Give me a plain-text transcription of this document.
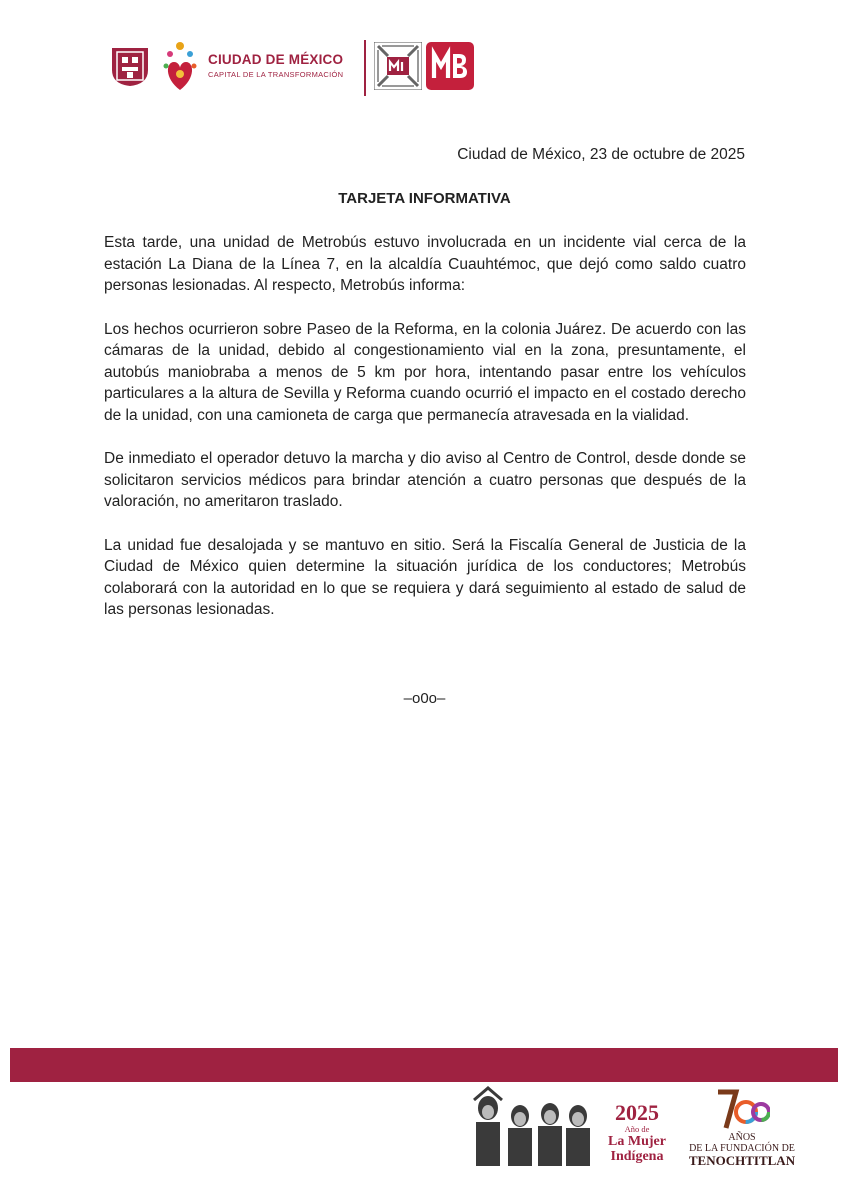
CIUDAD DE MÉXICO
CAPITAL DE LA TRANSFORMACIÓN
Ciudad de México, 23 de octubre de 2025
TARJETA INFORMATIVA

Esta tarde, una unidad de Metrobús estuvo involucrada en un incidente vial cerca de la estación La Diana de la Línea 7, en la alcaldía Cuauhtémoc, que dejó como saldo cuatro personas lesionadas. Al respecto, Metrobús informa:

Los hechos ocurrieron sobre Paseo de la Reforma, en la colonia Juárez. De acuerdo con las cámaras de la unidad, debido al congestionamiento vial en la zona, presuntamente, el autobús maniobraba a menos de 5 km por hora, intentando pasar entre los vehículos particulares a la altura de Sevilla y Reforma cuando ocurrió el impacto en el costado derecho de la unidad, con una camioneta de carga que permanecía atravesada en la vialidad.

De inmediato el operador detuvo la marcha y dio aviso al Centro de Control, desde donde se solicitaron servicios médicos para brindar atención a cuatro personas que después de la valoración, no ameritaron traslado.

La unidad fue desalojada y se mantuvo en sitio. Será la Fiscalía General de Justicia de la Ciudad de México quien determine la situación jurídica de los conductores; Metrobús colaborará con la autoridad en lo que se requiera y dará seguimiento al estado de salud de las personas lesionadas.

–o0o–
2025
Año de
La Mujer
Indígena
AÑOS
DE LA FUNDACIÓN DE
TENOCHTITLAN
